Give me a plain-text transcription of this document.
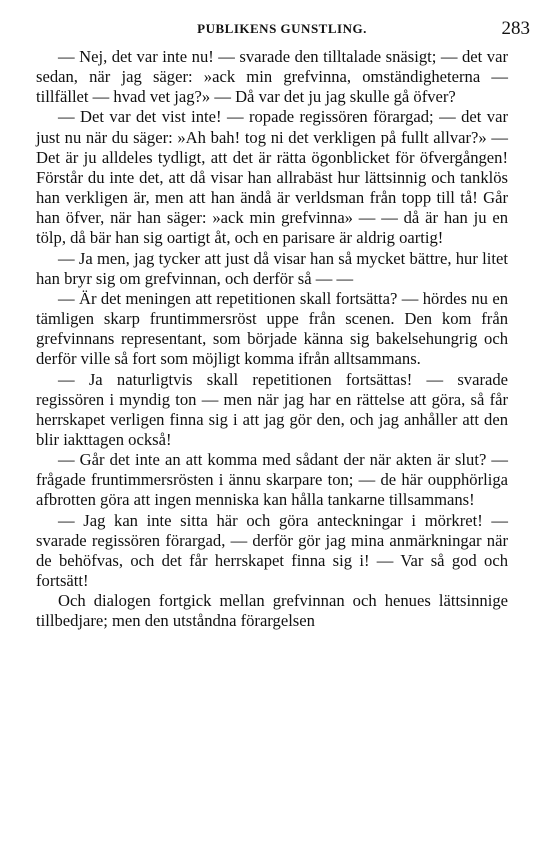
PUBLIKENS GUNSTLING.	283

— Nej, det var inte nu! — svarade den tilltalade snäsigt; — det var sedan, när jag säger: »ack min grefvinna, omständigheterna — tillfället — hvad vet jag?» — Då var det ju jag skulle gå öfver?

— Det var det vist inte! — ropade regissören förargad; — det var just nu när du säger: »Ah bah! tog ni det verkligen på fullt allvar?» — Det är ju alldeles tydligt, att det är rätta ögonblicket för öfvergången! Förstår du inte det, att då visar han allrabäst hur lättsinnig och tanklös han verkligen är, men att han ändå är verldsman från topp till tå! Går han öfver, när han säger: »ack min grefvinna» — — då är han ju en tölp, då bär han sig oartigt åt, och en parisare är aldrig oartig!

— Ja men, jag tycker att just då visar han så mycket bättre, hur litet han bryr sig om grefvinnan, och derför så — —

— Är det meningen att repetitionen skall fortsätta? — hördes nu en tämligen skarp fruntimmersröst uppe från scenen. Den kom från grefvinnans representant, som började känna sig bakelsehungrig och derför ville så fort som möjligt komma ifrån alltsammans.

— Ja naturligtvis skall repetitionen fortsättas! — svarade regissören i myndig ton — men när jag har en rättelse att göra, så får herrskapet verligen finna sig i att jag gör den, och jag anhåller att den blir iakttagen också!

— Går det inte an att komma med sådant der när akten är slut? — frågade fruntimmersrösten i ännu skarpare ton; — de här oupphörliga afbrotten göra att ingen menniska kan hålla tankarne tillsammans!

— Jag kan inte sitta här och göra anteckningar i mörkret! — svarade regissören förargad, — derför gör jag mina anmärkningar när de behöfvas, och det får herrskapet finna sig i! — Var så god och fortsätt!

Och dialogen fortgick mellan grefvinnan och henues lättsinnige tillbedjare; men den utståndna förargelsen
